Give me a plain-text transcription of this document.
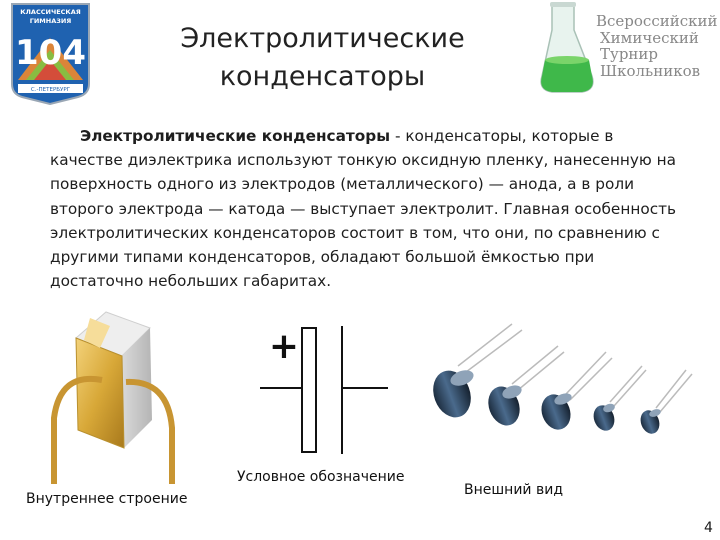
КЛАССИЧЕСКАЯ
ГИМНАЗИЯ
104
С.-ПЕТЕРБУРГ
Электролитические
конденсаторы
Всероссийский
Химический
Турнир
Школьников
Электролитические конденсаторы - конденсаторы, которые в качестве диэлектрика используют тонкую оксидную пленку, нанесенную на поверхность одного из электродов (металлического) — анода, а в роли второго электрода — катода — выступает электролит. Главная особенность электролитических конденсаторов состоит в том, что они, по сравнению с другими типами конденсаторов, обладают большой ёмкостью при достаточно небольших габаритах.
+
Условное обозначение
Внешний вид
Внутреннее строение
4
